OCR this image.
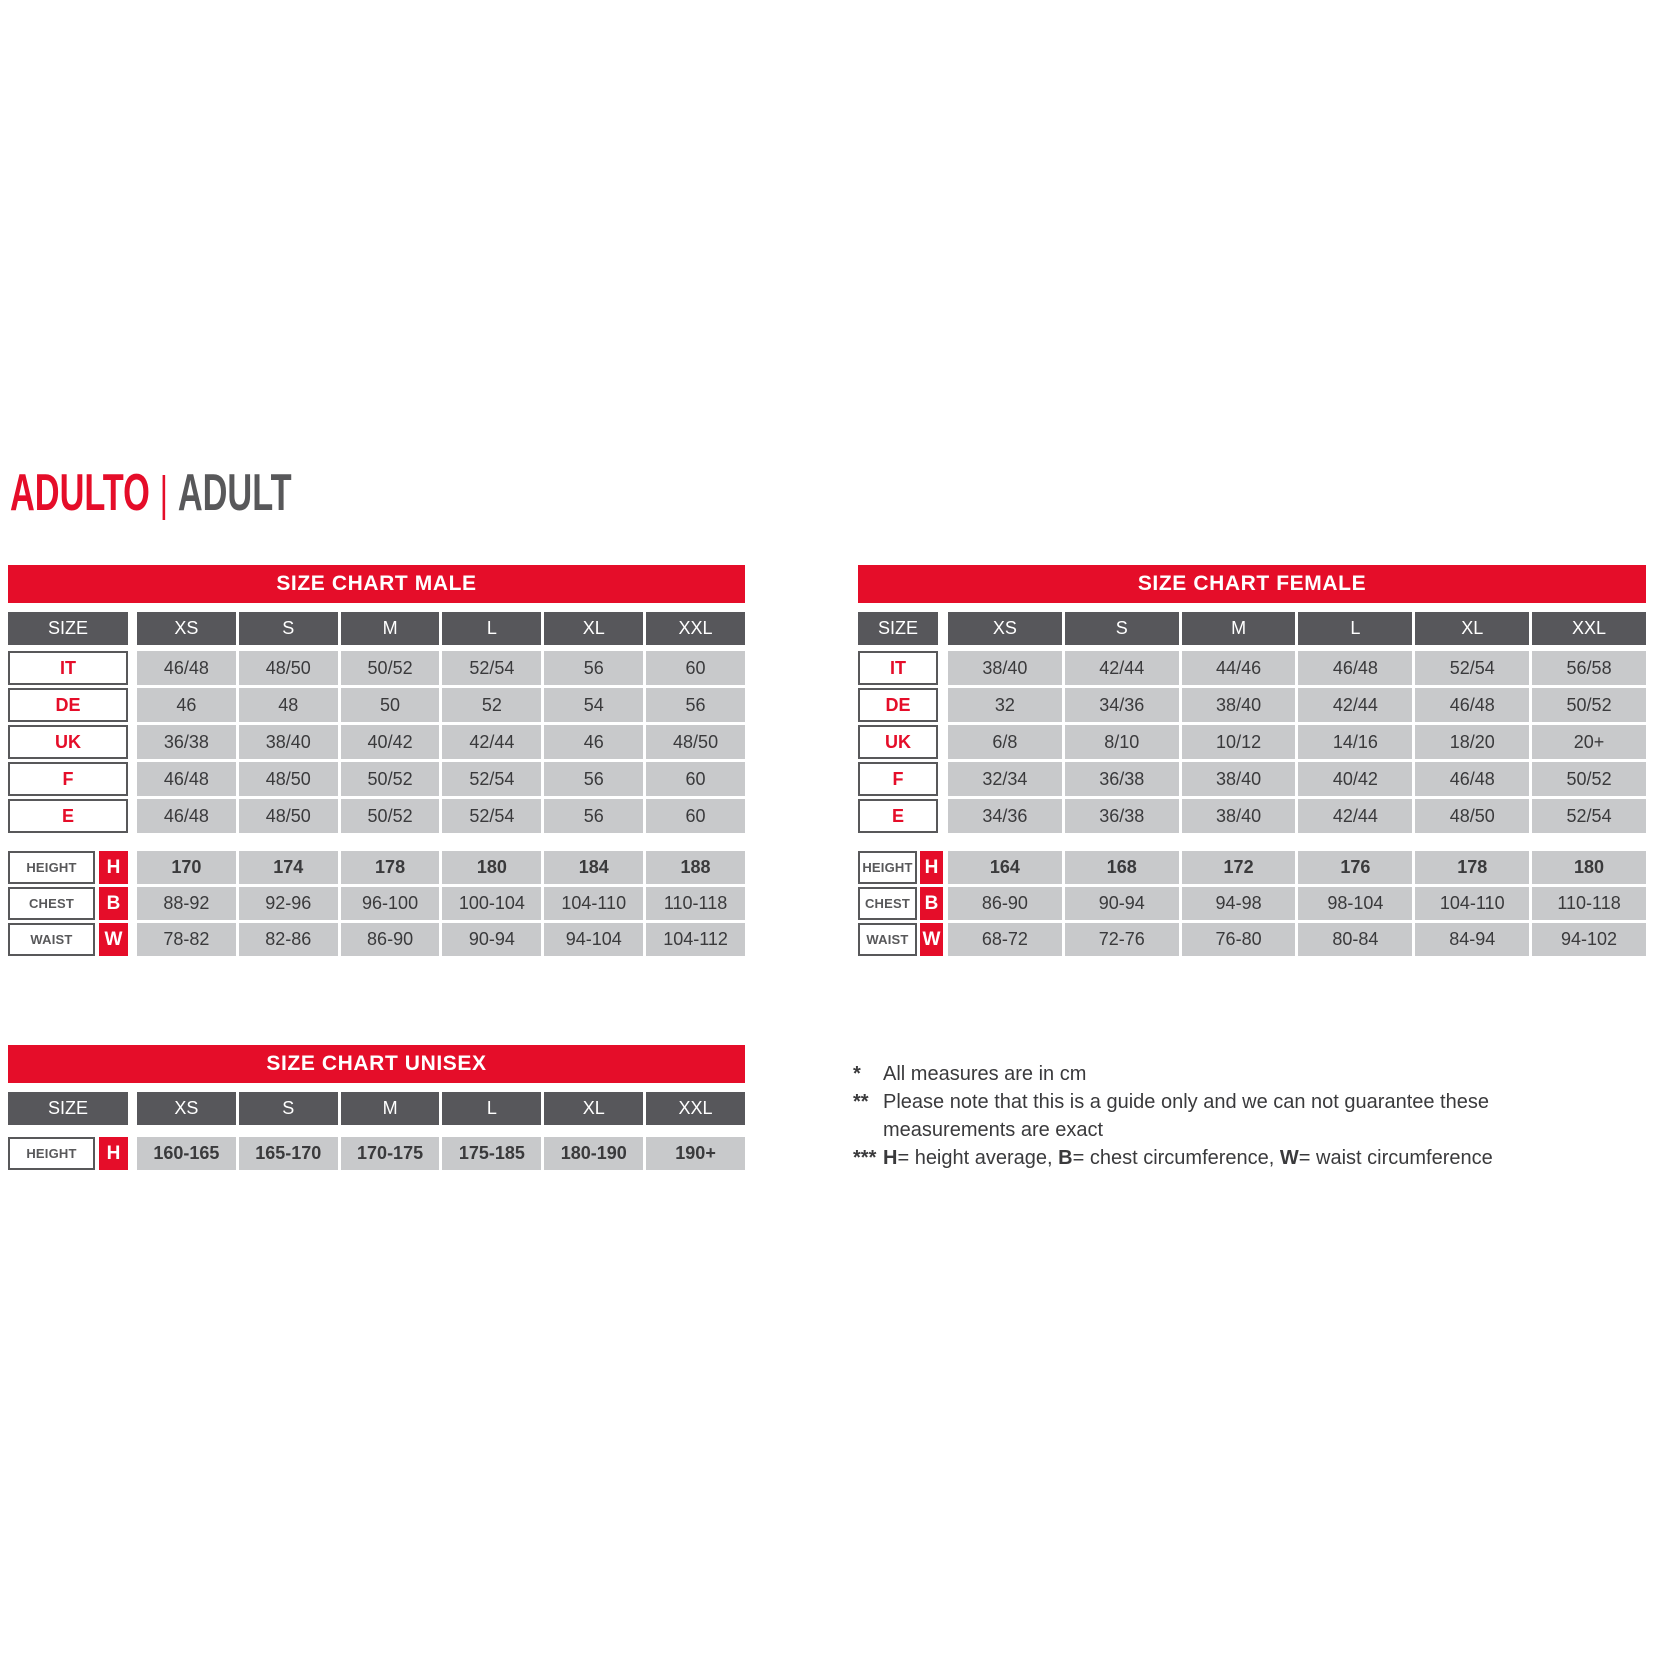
ADULTO | ADULT
SIZE CHART MALE
SIZE	XS	S	M	L	XL	XXL
IT	46/48	48/50	50/52	52/54	56	60
DE	46	48	50	52	54	56
UK	36/38	38/40	40/42	42/44	46	48/50
F	46/48	48/50	50/52	52/54	56	60
E	46/48	48/50	50/52	52/54	56	60
HEIGHT	H	170	174	178	180	184	188
CHEST	B	88-92	92-96	96-100	100-104	104-110	110-118
WAIST	W	78-82	82-86	86-90	90-94	94-104	104-112
SIZE CHART FEMALE
SIZE	XS	S	M	L	XL	XXL
IT	38/40	42/44	44/46	46/48	52/54	56/58
DE	32	34/36	38/40	42/44	46/48	50/52
UK	6/8	8/10	10/12	14/16	18/20	20+
F	32/34	36/38	38/40	40/42	46/48	50/52
E	34/36	36/38	38/40	42/44	48/50	52/54
HEIGHT H	164	168	172	176	178	180
CHEST B	86-90	90-94	94-98	98-104	104-110	110-118
WAIST W	68-72	72-76	76-80	80-84	84-94	94-102
SIZE CHART UNISEX
SIZE	XS	S	M	L	XL	XXL
HEIGHT	H	160-165	165-170	170-175	175-185	180-190	190+
*	All measures are in cm
** Please note that this is a guide only and we can not guarantee these measurements are exact
*** H= height average, B= chest circumference, W= waist circumference
